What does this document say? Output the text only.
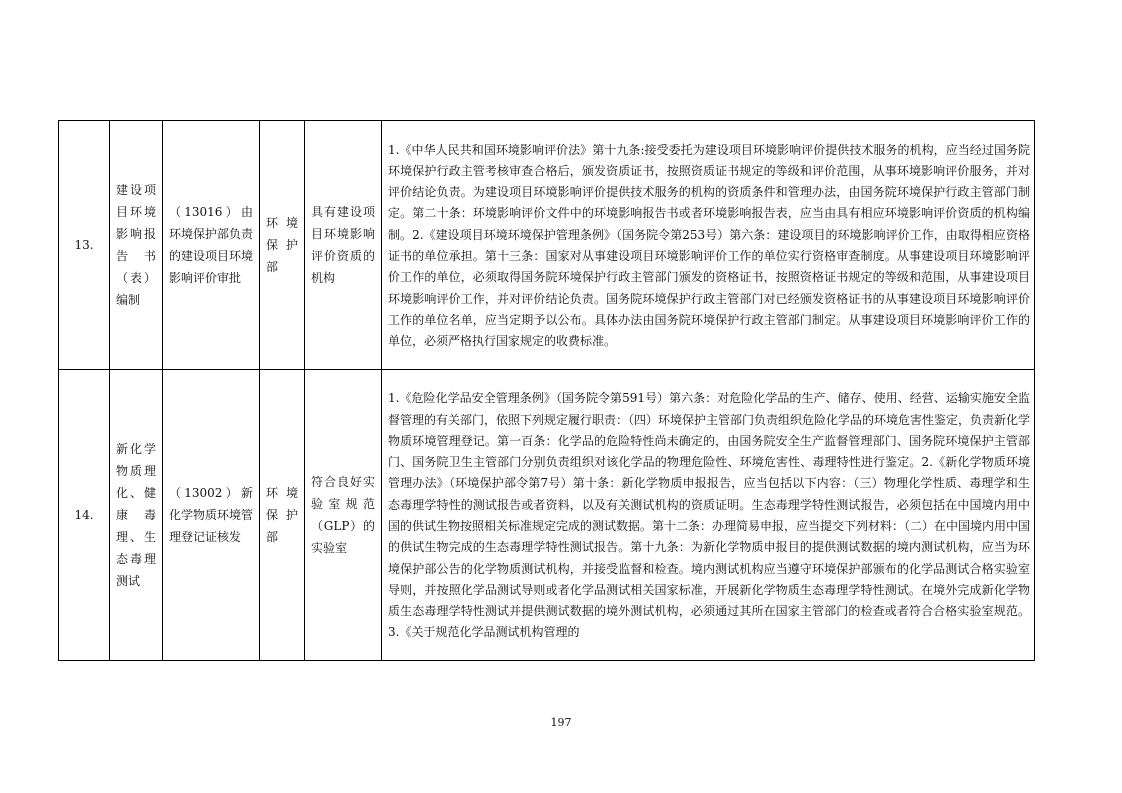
13.	建设项目环境影响报告书（表）编制	（13016）由环境保护部负责的建设项目环境影响评价审批	环境保护部	具有建设项目环境影响评价资质的机构	1.《中华人民共和国环境影响评价法》第十九条:接受委托为建设项目环境影响评价提供技术服务的机构，应当经过国务院环境保护行政主管考核审查合格后，颁发资质证书，按照资质证书规定的等级和评价范围，从事环境影响评价服务，并对评价结论负责。为建设项目环境影响评价提供技术服务的机构的资质条件和管理办法，由国务院环境保护行政主管部门制定。第二十条：环境影响评价文件中的环境影响报告书或者环境影响报告表，应当由具有相应环境影响评价资质的机构编制。2.《建设项目环境环境保护管理条例》（国务院令第253号）第六条：建设项目的环境影响评价工作，由取得相应资格证书的单位承担。第十三条：国家对从事建设项目环境影响评价工作的单位实行资格审查制度。从事建设项目环境影响评价工作的单位，必须取得国务院环境保护行政主管部门颁发的资格证书，按照资格证书规定的等级和范围，从事建设项目环境影响评价工作，并对评价结论负责。国务院环境保护行政主管部门对已经颁发资格证书的从事建设项目环境影响评价工作的单位名单，应当定期予以公布。具体办法由国务院环境保护行政主管部门制定。从事建设项目环境影响评价工作的单位，必须严格执行国家规定的收费标准。

14.	新化学物质理化、健康毒理、生态毒理测试	（13002）新化学物质环境管理登记证核发	环境保护部	符合良好实验室规范（GLP）的实验室	1.《危险化学品安全管理条例》（国务院令第591号）第六条：对危险化学品的生产、储存、使用、经营、运输实施安全监督管理的有关部门，依照下列规定履行职责：（四）环境保护主管部门负责组织危险化学品的环境危害性鉴定，负责新化学物质环境管理登记。第一百条：化学品的危险特性尚未确定的，由国务院安全生产监督管理部门、国务院环境保护主管部门、国务院卫生主管部门分别负责组织对该化学品的物理危险性、环境危害性、毒理特性进行鉴定。2.《新化学物质环境管理办法》（环境保护部令第7号）第十条：新化学物质申报报告，应当包括以下内容：（三）物理化学性质、毒理学和生态毒理学特性的测试报告或者资料，以及有关测试机构的资质证明。生态毒理学特性测试报告，必须包括在中国境内用中国的供试生物按照相关标准规定完成的测试数据。第十二条：办理简易申报，应当提交下列材料：（二）在中国境内用中国的供试生物完成的生态毒理学特性测试报告。第十九条：为新化学物质申报目的提供测试数据的境内测试机构，应当为环境保护部公告的化学物质测试机构，并接受监督和检查。境内测试机构应当遵守环境保护部颁布的化学品测试合格实验室导则，并按照化学品测试导则或者化学品测试相关国家标准，开展新化学物质生态毒理学特性测试。在境外完成新化学物质生态毒理学特性测试并提供测试数据的境外测试机构，必须通过其所在国家主管部门的检查或者符合合格实验室规范。3.《关于规范化学品测试机构管理的
197
